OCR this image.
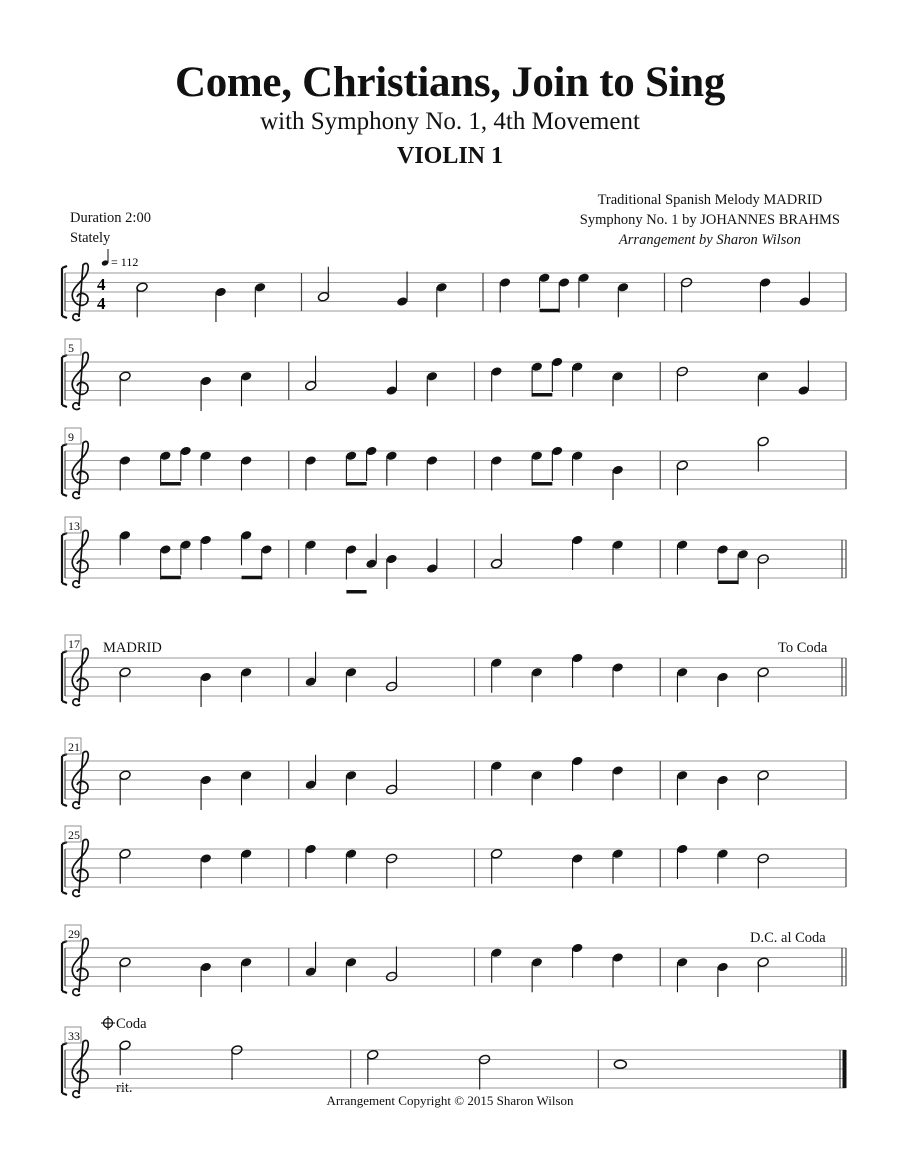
Come, Christians, Join to Sing
with Symphony No. 1, 4th Movement
VIOLIN 1
Traditional Spanish Melody MADRID
Symphony No. 1 by JOHANNES BRAHMS
Arrangement by Sharon Wilson
Duration 2:00
Stately
MADRID	To Coda
D.C. al Coda
Coda
rit.
4
4
= 112
5
9
13
17
21
25
29
33
Arrangement Copyright © 2015 Sharon Wilson
